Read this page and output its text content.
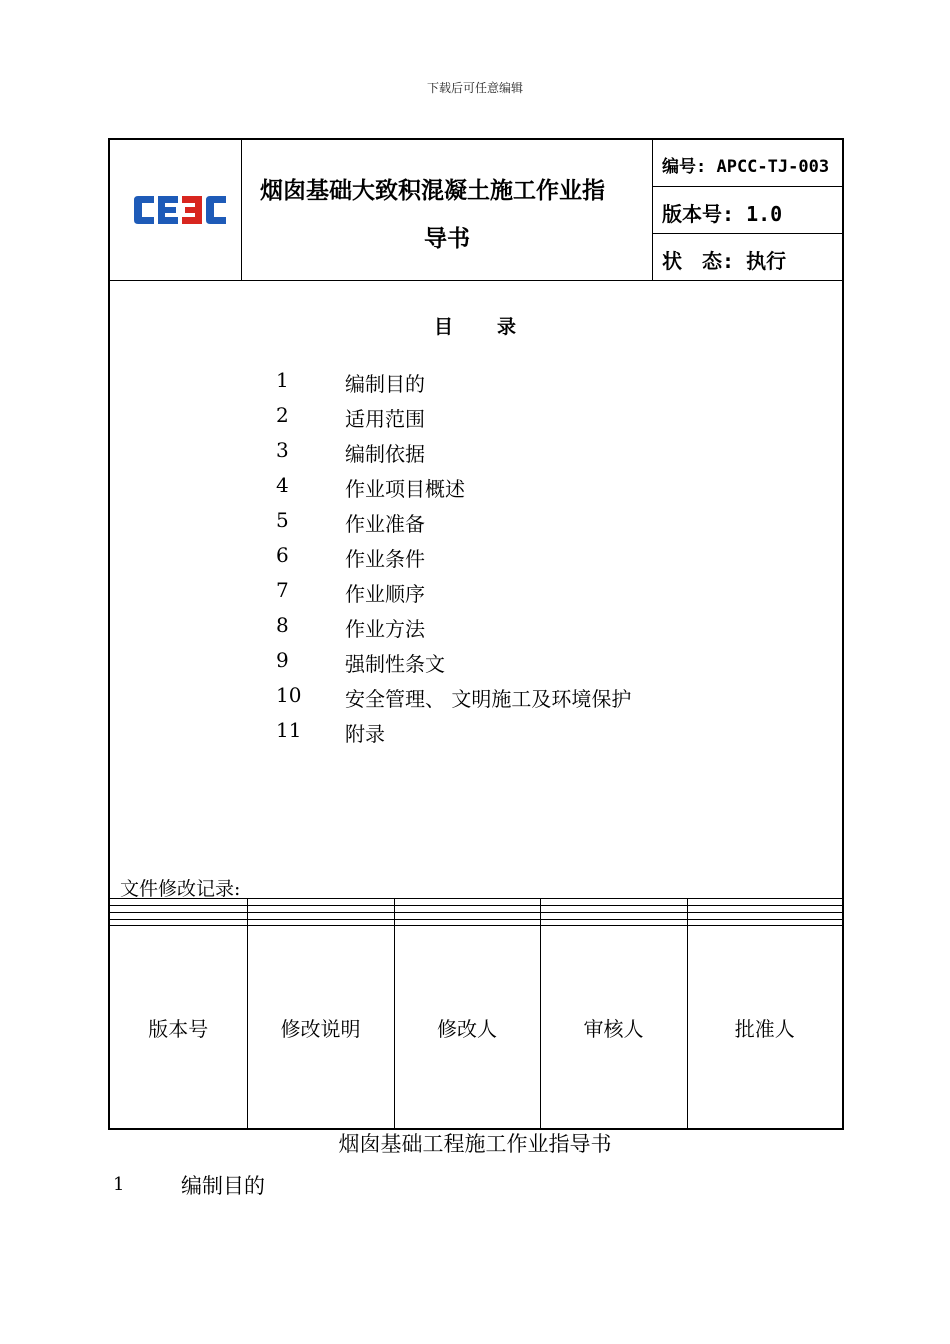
下载后可任意编辑
烟囱基础大致积混凝土施工作业指
导书
编号: APCC-TJ-003
版本号: 1.0
状　态: 执行
目　　录
1	编制目的
2	适用范围
3	编制依据
4	作业项目概述
5	作业准备
6	作业条件
7	作业顺序
8	作业方法
9	强制性条文
10 安全管理、 文明施工及环境保护
11 附录
文件修改记录:

版本号	修改说明	修改人	审核人	批准人
烟囱基础工程施工作业指导书
1	编制目的
